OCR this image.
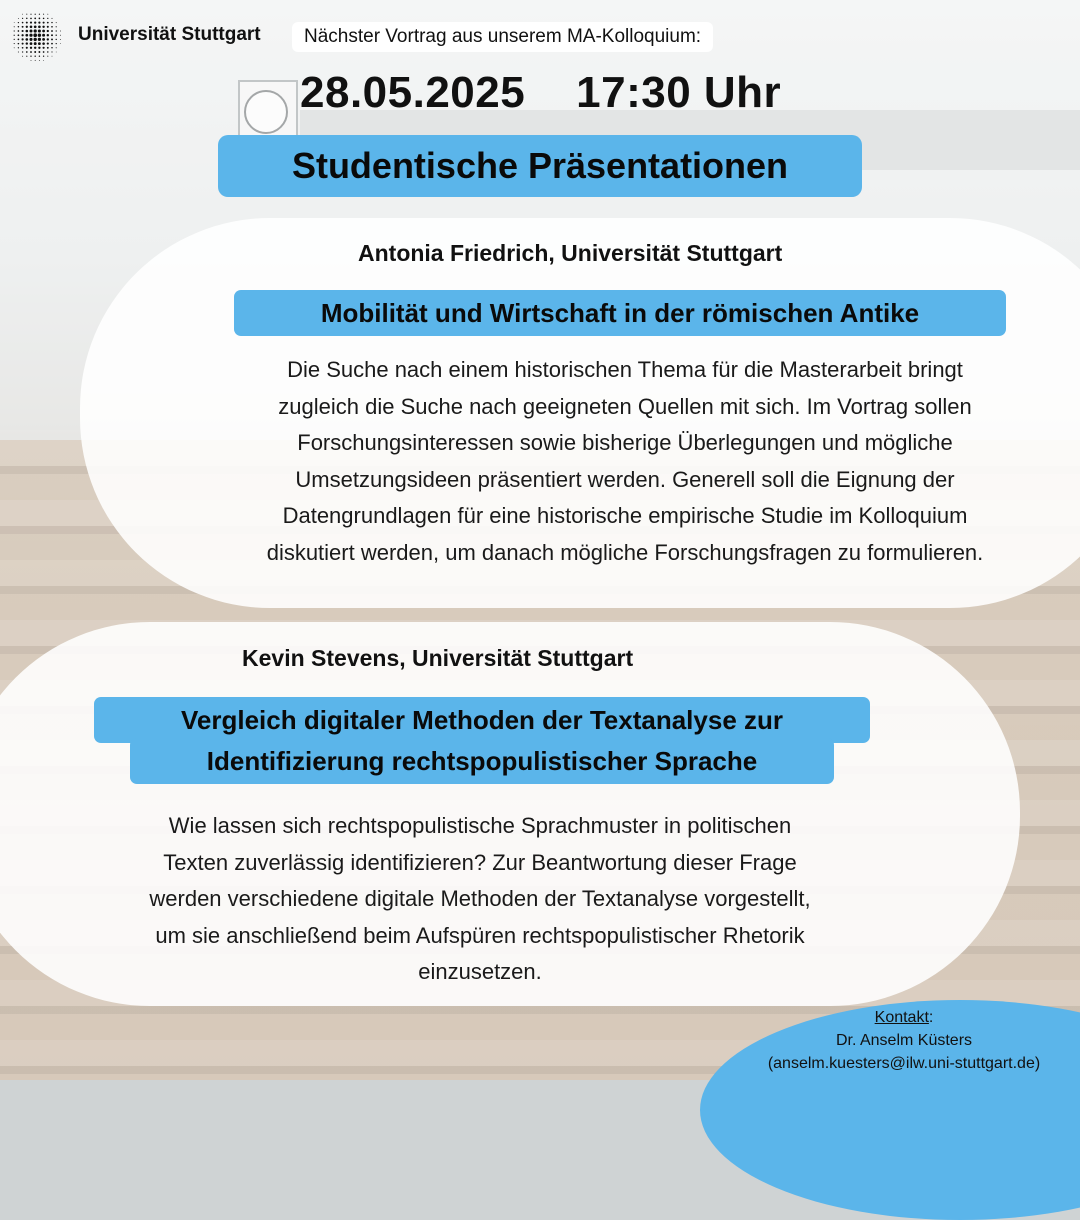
Universität Stuttgart	Nächster Vortrag aus unserem MA-Kolloquium:
28.05.2025 17:30 Uhr
Studentische Präsentationen
Antonia Friedrich, Universität Stuttgart
Mobilität und Wirtschaft in der römischen Antike
Die Suche nach einem historischen Thema für die Masterarbeit bringt
zugleich die Suche nach geeigneten Quellen mit sich. Im Vortrag sollen
Forschungsinteressen sowie bisherige Überlegungen und mögliche
Umsetzungsideen präsentiert werden. Generell soll die Eignung der
Datengrundlagen für eine historische empirische Studie im Kolloquium
diskutiert werden, um danach mögliche Forschungsfragen zu formulieren.
Kevin Stevens, Universität Stuttgart
Vergleich digitaler Methoden der Textanalyse zur
Identifizierung rechtspopulistischer Sprache
Wie lassen sich rechtspopulistische Sprachmuster in politischen
Texten zuverlässig identifizieren? Zur Beantwortung dieser Frage
werden verschiedene digitale Methoden der Textanalyse vorgestellt,
um sie anschließend beim Aufspüren rechtspopulistischer Rhetorik
einzusetzen.
Kontakt:
Dr. Anselm Küsters
(anselm.kuesters@ilw.uni-stuttgart.de)
